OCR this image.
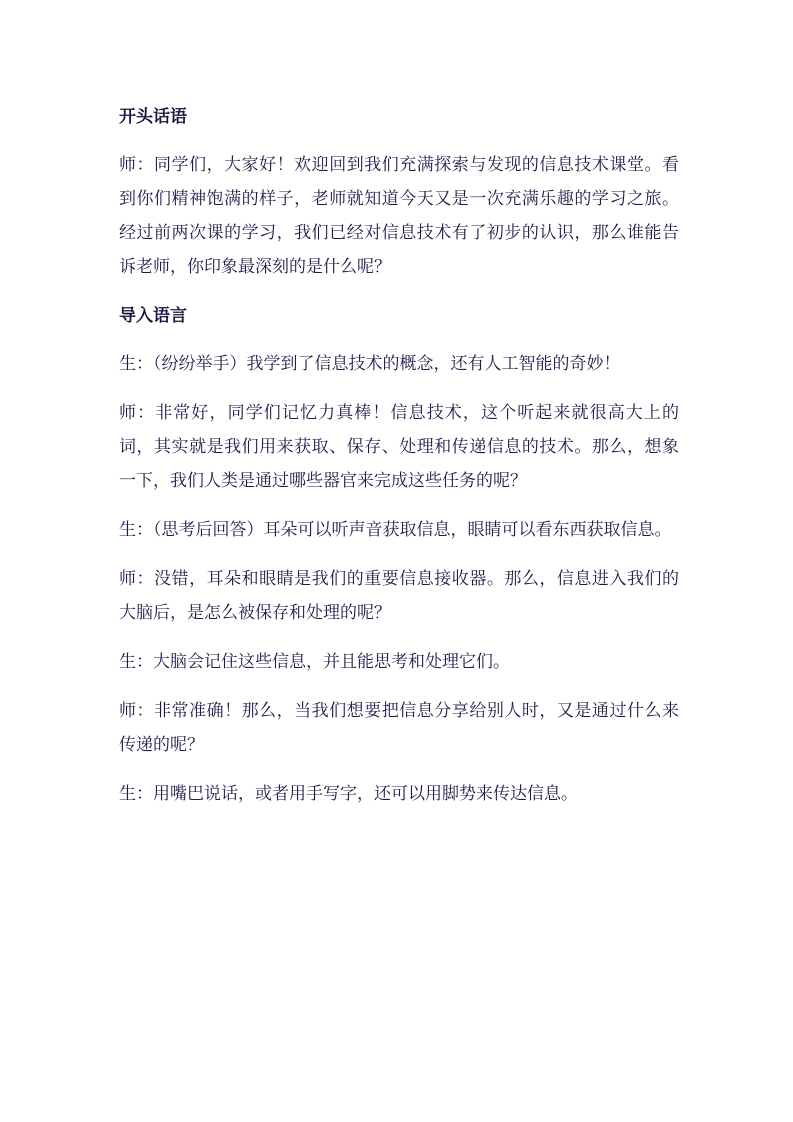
开头话语

师：同学们，大家好！欢迎回到我们充满探索与发现的信息技术课堂。看到你们精神饱满的样子，老师就知道今天又是一次充满乐趣的学习之旅。经过前两次课的学习，我们已经对信息技术有了初步的认识，那么谁能告诉老师，你印象最深刻的是什么呢？

导入语言

生：（纷纷举手）我学到了信息技术的概念，还有人工智能的奇妙！

师：非常好，同学们记忆力真棒！信息技术，这个听起来就很高大上的词，其实就是我们用来获取、保存、处理和传递信息的技术。那么，想象一下，我们人类是通过哪些器官来完成这些任务的呢？

生：（思考后回答）耳朵可以听声音获取信息，眼睛可以看东西获取信息。

师：没错，耳朵和眼睛是我们的重要信息接收器。那么，信息进入我们的大脑后，是怎么被保存和处理的呢？

生：大脑会记住这些信息，并且能思考和处理它们。

师：非常准确！那么，当我们想要把信息分享给别人时，又是通过什么来传递的呢？

生：用嘴巴说话，或者用手写字，还可以用脚势来传达信息。
